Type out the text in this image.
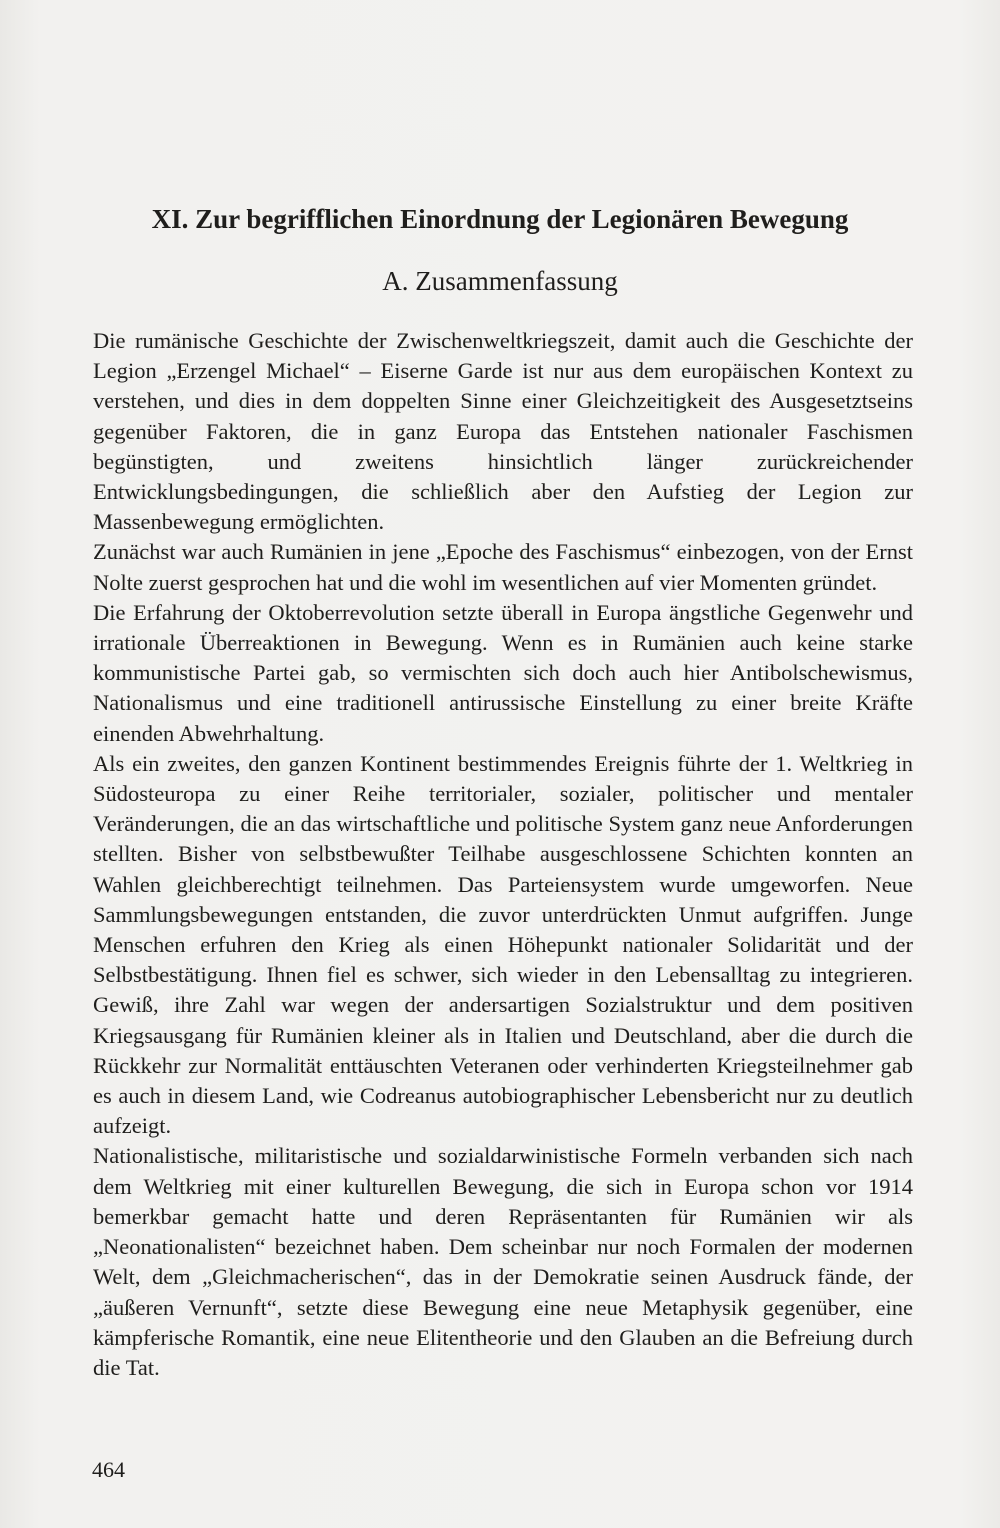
XI. Zur begrifflichen Einordnung der Legionären Bewegung
A. Zusammenfassung

Die rumänische Geschichte der Zwischenweltkriegszeit, damit auch die Geschichte der Legion „Erzengel Michael“ – Eiserne Garde ist nur aus dem europäischen Kontext zu verstehen, und dies in dem doppelten Sinne einer Gleichzeitigkeit des Ausgesetztseins gegenüber Faktoren, die in ganz Europa das Entstehen nationaler Faschismen begünstigten, und zweitens hinsichtlich länger zurückreichender Entwicklungsbedingungen, die schließlich aber den Aufstieg der Legion zur Massenbewegung ermöglichten.

Zunächst war auch Rumänien in jene „Epoche des Faschismus“ einbezogen, von der Ernst Nolte zuerst gesprochen hat und die wohl im wesentlichen auf vier Momenten gründet.

Die Erfahrung der Oktoberrevolution setzte überall in Europa ängstliche Gegenwehr und irrationale Überreaktionen in Bewegung. Wenn es in Rumänien auch keine starke kommunistische Partei gab, so vermischten sich doch auch hier Antibolschewismus, Nationalismus und eine traditionell antirussische Einstellung zu einer breite Kräfte einenden Abwehrhaltung.

Als ein zweites, den ganzen Kontinent bestimmendes Ereignis führte der 1. Weltkrieg in Südosteuropa zu einer Reihe territorialer, sozialer, politischer und mentaler Veränderungen, die an das wirtschaftliche und politische System ganz neue Anforderungen stellten. Bisher von selbstbewußter Teilhabe ausgeschlossene Schichten konnten an Wahlen gleichberechtigt teilnehmen. Das Parteiensystem wurde umgeworfen. Neue Sammlungsbewegungen entstanden, die zuvor unterdrückten Unmut aufgriffen. Junge Menschen erfuhren den Krieg als einen Höhepunkt nationaler Solidarität und der Selbstbestätigung. Ihnen fiel es schwer, sich wieder in den Lebensalltag zu integrieren. Gewiß, ihre Zahl war wegen der andersartigen Sozialstruktur und dem positiven Kriegsausgang für Rumänien kleiner als in Italien und Deutschland, aber die durch die Rückkehr zur Normalität enttäuschten Veteranen oder verhinderten Kriegsteilnehmer gab es auch in diesem Land, wie Codreanus autobiographischer Lebensbericht nur zu deutlich aufzeigt.

Nationalistische, militaristische und sozialdarwinistische Formeln verbanden sich nach dem Weltkrieg mit einer kulturellen Bewegung, die sich in Europa schon vor 1914 bemerkbar gemacht hatte und deren Repräsentanten für Rumänien wir als „Neonationalisten“ bezeichnet haben. Dem scheinbar nur noch Formalen der modernen Welt, dem „Gleichmacherischen“, das in der Demokratie seinen Ausdruck fände, der „äußeren Vernunft“, setzte diese Bewegung eine neue Metaphysik gegenüber, eine kämpferische Romantik, eine neue Elitentheorie und den Glauben an die Befreiung durch die Tat.

464
